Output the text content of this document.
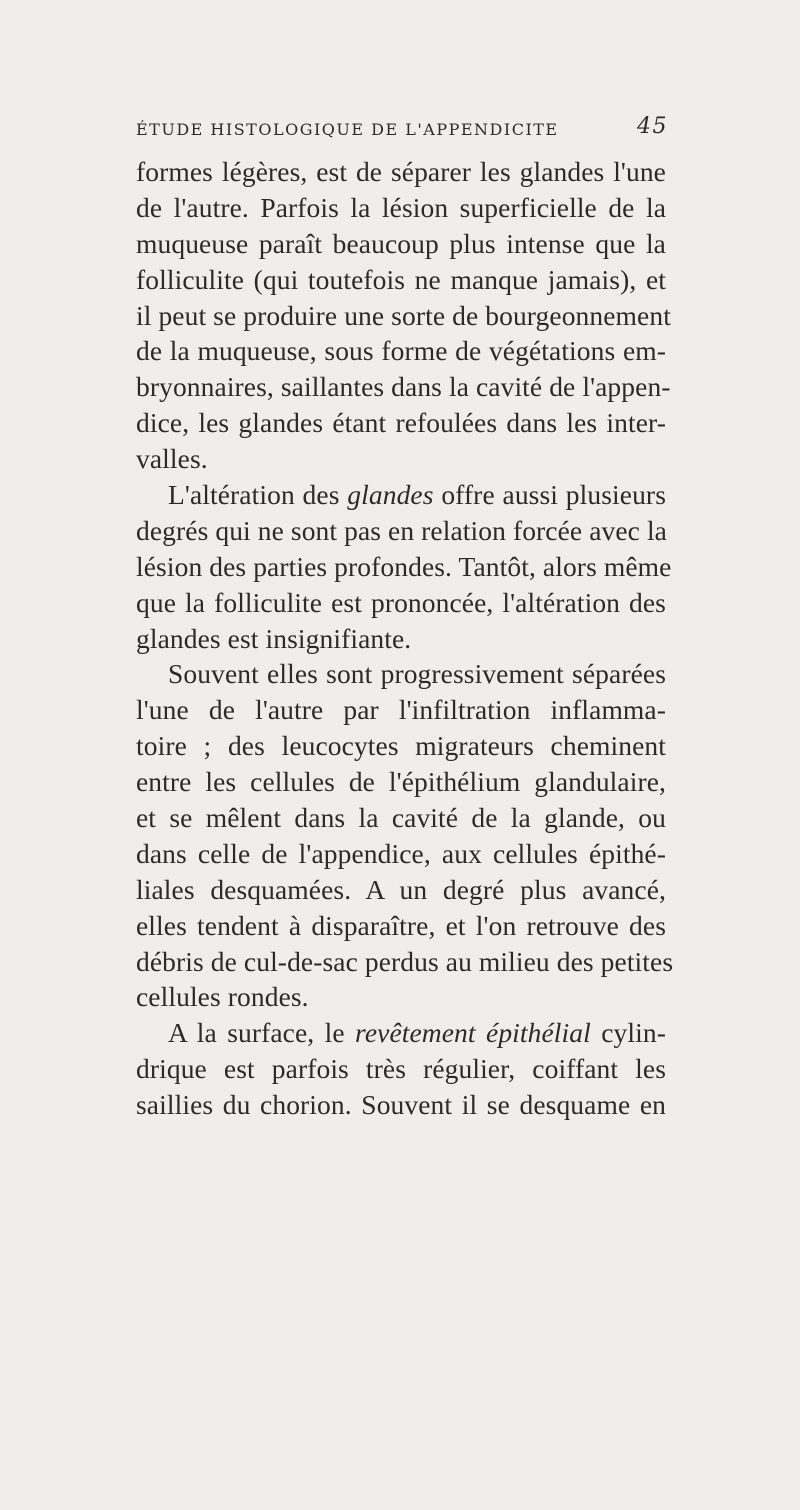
ÉTUDE HISTOLOGIQUE DE L'APPENDICITE	45
formes légères, est de séparer les glandes l'une
de l'autre. Parfois la lésion superficielle de la
muqueuse paraît beaucoup plus intense que la
folliculite (qui toutefois ne manque jamais), et
il peut se produire une sorte de bourgeonnement
de la muqueuse, sous forme de végétations em-
bryonnaires, saillantes dans la cavité de l'appen-
dice, les glandes étant refoulées dans les inter-
valles.
L'altération des glandes offre aussi plusieurs
degrés qui ne sont pas en relation forcée avec la
lésion des parties profondes. Tantôt, alors même
que la folliculite est prononcée, l'altération des
glandes est insignifiante.
Souvent elles sont progressivement séparées
l'une de l'autre par l'infiltration inflamma-
toire ; des leucocytes migrateurs cheminent
entre les cellules de l'épithélium glandulaire,
et se mêlent dans la cavité de la glande, ou
dans celle de l'appendice, aux cellules épithé-
liales desquamées. A un degré plus avancé,
elles tendent à disparaître, et l'on retrouve des
débris de cul-de-sac perdus au milieu des petites
cellules rondes.
A la surface, le revêtement épithélial cylin-
drique est parfois très régulier, coiffant les
saillies du chorion. Souvent il se desquame en
